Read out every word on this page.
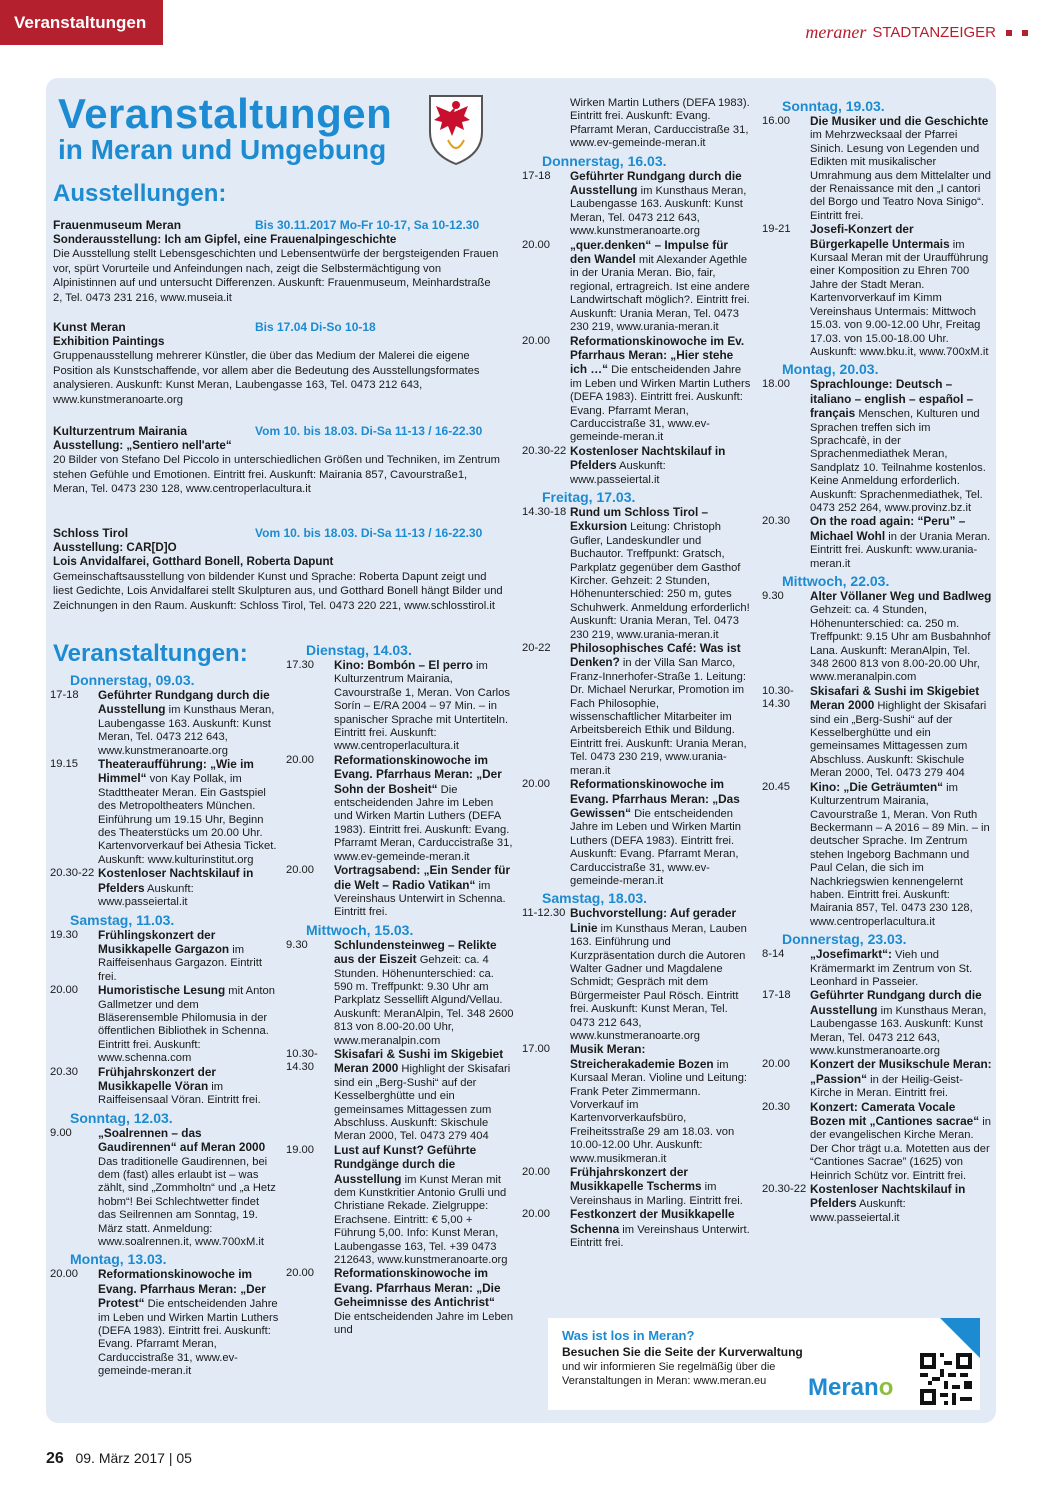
Veranstaltungen	meraner STADTANZEIGER
Veranstaltungen
in Meran und Umgebung
Ausstellungen:
Frauenmuseum Meran	Bis 30.11.2017 Mo-Fr 10-17, Sa 10-12.30
Sonderausstellung: Ich am Gipfel, eine Frauenalpingeschichte
Die Ausstellung stellt Lebensgeschichten und Lebensentwürfe der bergsteigenden Frauen vor, spürt Vorurteile und Anfeindungen nach, zeigt die Selbstermächtigung von Alpinistinnen auf und untersucht Differenzen. Auskunft: Frauenmuseum, Meinhardstraße 2, Tel. 0473 231 216, www.museia.it
Kunst Meran	Bis 17.04 Di-So 10-18
Exhibition Paintings
Gruppenausstellung mehrerer Künstler, die über das Medium der Malerei die eigene Position als Kunstschaffende, vor allem aber die Bedeutung des Ausstellungsformates analysieren. Auskunft: Kunst Meran, Laubengasse 163, Tel. 0473 212 643, www.kunstmeranoarte.org
Kulturzentrum Mairania	Vom 10. bis 18.03. Di-Sa 11-13 / 16-22.30
Ausstellung: „Sentiero nell'arte“
20 Bilder von Stefano Del Piccolo in unterschiedlichen Größen und Techniken, im Zentrum stehen Gefühle und Emotionen. Eintritt frei. Auskunft: Mairania 857, Cavourstraße1, Meran, Tel. 0473 230 128, www.centroperlacultura.it
Schloss Tirol	Vom 10. bis 18.03. Di-Sa 11-13 / 16-22.30
Ausstellung: CAR[D]O
Lois Anvidalfarei, Gotthard Bonell, Roberta Dapunt
Gemeinschaftsausstellung von bildender Kunst und Sprache: Roberta Dapunt zeigt und liest Gedichte, Lois Anvidalfarei stellt Skulpturen aus, und Gotthard Bonell hängt Bilder und Zeichnungen in den Raum. Auskunft: Schloss Tirol, Tel. 0473 220 221, www.schlosstirol.it
Veranstaltungen:
Donnerstag, 09.03.
17-18	Geführter Rundgang durch die Ausstellung im Kunsthaus Meran, Laubengasse 163. Auskunft: Kunst Meran, Tel. 0473 212 643, www.kunstmeranoarte.org
19.15	Theateraufführung: „Wie im Himmel“ von Kay Pollak, im Stadttheater Meran. Ein Gastspiel des Metropoltheaters München. Einführung um 19.15 Uhr, Beginn des Theaterstücks um 20.00 Uhr. Kartenvorverkauf bei Athesia Ticket. Auskunft: www.kulturinstitut.org
20.30-22 Kostenloser Nachtskilauf in Pfelders Auskunft: www.passeiertal.it
Samstag, 11.03.
19.30	Frühlingskonzert der Musikkapelle Gargazon im Raiffeisenhaus Gargazon. Eintritt frei.
20.00	Humoristische Lesung mit Anton Gallmetzer und dem Bläserensemble Philomusia in der öffentlichen Bibliothek in Schenna. Eintritt frei. Auskunft: www.schenna.com
20.30	Frühjahrskonzert der Musikkapelle Vöran im Raiffeisensaal Vöran. Eintritt frei.
Sonntag, 12.03.
9.00	„Soalrennen – das Gaudirennen“ auf Meran 2000 Das traditionelle Gaudirennen, bei dem (fast) alles erlaubt ist – was zählt, sind „Zommholtn“ und „a Hetz hobm“! Bei Schlechtwetter findet das Seilrennen am Sonntag, 19. März statt. Anmeldung: www.soalrennen.it, www.700xM.it
Montag, 13.03.
20.00	Reformationskinowoche im Evang. Pfarrhaus Meran: „Der Protest“ Die entscheidenden Jahre im Leben und Wirken Martin Luthers (DEFA 1983). Eintritt frei. Auskunft: Evang. Pfarramt Meran, Carduccistraße 31, www.ev-gemeinde-meran.it
Dienstag, 14.03.
17.30	Kino: Bombón – El perro im Kulturzentrum Mairania, Cavourstraße 1, Meran. Von Carlos Sorín – E/RA 2004 – 97 Min. – in spanischer Sprache mit Untertiteln. Eintritt frei. Auskunft: www.centroperlacultura.it
20.00	Reformationskinowoche im Evang. Pfarrhaus Meran: „Der Sohn der Bosheit“ Die entscheidenden Jahre im Leben und Wirken Martin Luthers (DEFA 1983). Eintritt frei. Auskunft: Evang. Pfarramt Meran, Carduccistraße 31, www.ev-gemeinde-meran.it
20.00	Vortragsabend: „Ein Sender für die Welt – Radio Vatikan“ im Vereinshaus Unterwirt in Schenna. Eintritt frei.
Mittwoch, 15.03.
9.30	Schlundensteinweg – Relikte aus der Eiszeit Gehzeit: ca. 4 Stunden. Höhenunterschied: ca. 590 m. Treffpunkt: 9.30 Uhr am Parkplatz Sessellift Algund/Vellau. Auskunft: MeranAlpin, Tel. 348 2600 813 von 8.00-20.00 Uhr, www.meranalpin.com
10.30-14.30
Skisafari & Sushi im Skigebiet Meran 2000 Highlight der Skisafari sind ein „Berg-Sushi“ auf der Kesselberghütte und ein gemeinsames Mittagessen zum Abschluss. Auskunft: Skischule Meran 2000, Tel. 0473 279 404
19.00	Lust auf Kunst? Geführte Rundgänge durch die Ausstellung im Kunst Meran mit dem Kunstkritier Antonio Grulli und Christiane Rekade. Zielgruppe: Erachsene. Eintritt: € 5,00 + Führung 5,00. Info: Kunst Meran, Laubengasse 163, Tel. +39 0473 212643, www.kunstmeranoarte.org
20.00	Reformationskinowoche im Evang. Pfarrhaus Meran: „Die Geheimnisse des Antichrist“ Die entscheidenden Jahre im Leben und
Wirken Martin Luthers (DEFA 1983). Eintritt frei. Auskunft: Evang. Pfarramt Meran, Carduccistraße 31, www.ev-gemeinde-meran.it
Donnerstag, 16.03.
17-18	Geführter Rundgang durch die Ausstellung im Kunsthaus Meran, Laubengasse 163. Auskunft: Kunst Meran, Tel. 0473 212 643, www.kunstmeranoarte.org
20.00	„quer.denken“ – Impulse für den Wandel mit Alexander Agethle in der Urania Meran. Bio, fair, regional, ertragreich. Ist eine andere Landwirtschaft möglich?. Eintritt frei. Auskunft: Urania Meran, Tel. 0473 230 219, www.urania-meran.it
20.00	Reformationskinowoche im Ev. Pfarrhaus Meran: „Hier stehe ich …“ Die entscheidenden Jahre im Leben und Wirken Martin Luthers (DEFA 1983). Eintritt frei. Auskunft: Evang. Pfarramt Meran, Carduccistraße 31, www.ev-gemeinde-meran.it
20.30-22 Kostenloser Nachtskilauf in Pfelders Auskunft: www.passeiertal.it
Freitag, 17.03.
14.30-18 Rund um Schloss Tirol – Exkursion Leitung: Christoph Gufler, Landeskundler und Buchautor. Treffpunkt: Gratsch, Parkplatz gegenüber dem Gasthof Kircher. Gehzeit: 2 Stunden, Höhenunterschied: 250 m, gutes Schuhwerk. Anmeldung erforderlich! Auskunft: Urania Meran, Tel. 0473 230 219, www.urania-meran.it
20-22	Philosophisches Café: Was ist Denken? in der Villa San Marco, Franz-Innerhofer-Straße 1. Leitung: Dr. Michael Nerurkar, Promotion im Fach Philosophie, wissenschaftlicher Mitarbeiter im Arbeitsbereich Ethik und Bildung. Eintritt frei. Auskunft: Urania Meran, Tel. 0473 230 219, www.urania-meran.it
20.00	Reformationskinowoche im Evang. Pfarrhaus Meran: „Das Gewissen“ Die entscheidenden Jahre im Leben und Wirken Martin Luthers (DEFA 1983). Eintritt frei. Auskunft: Evang. Pfarramt Meran, Carduccistraße 31, www.ev-gemeinde-meran.it
Samstag, 18.03.
11-12.30 Buchvorstellung: Auf gerader Linie im Kunsthaus Meran, Lauben 163. Einführung und Kurzpräsentation durch die Autoren Walter Gadner und Magdalene Schmidt; Gespräch mit dem Bürgermeister Paul Rösch. Eintritt frei. Auskunft: Kunst Meran, Tel. 0473 212 643, www.kunstmeranoarte.org
17.00	Musik Meran: Streicherakademie Bozen im Kursaal Meran. Violine und Leitung: Frank Peter Zimmermann. Vorverkauf im Kartenvorverkaufsbüro, Freiheitsstraße 29 am 18.03. von 10.00-12.00 Uhr. Auskunft: www.musikmeran.it
20.00	Frühjahrskonzert der Musikkapelle Tscherms im Vereinshaus in Marling. Eintritt frei.
20.00	Festkonzert der Musikkapelle Schenna im Vereinshaus Unterwirt. Eintritt frei.
Sonntag, 19.03.
16.00	Die Musiker und die Geschichte im Mehrzwecksaal der Pfarrei Sinich. Lesung von Legenden und Edikten mit musikalischer Umrahmung aus dem Mittelalter und der Renaissance mit den „I cantori del Borgo und Teatro Nova Sinigo“. Eintritt frei.
19-21	Josefi-Konzert der Bürgerkapelle Untermais im Kursaal Meran mit der Uraufführung einer Komposition zu Ehren 700 Jahre der Stadt Meran. Kartenvorverkauf im Kimm Vereinshaus Untermais: Mittwoch 15.03. von 9.00-12.00 Uhr, Freitag 17.03. von 15.00-18.00 Uhr. Auskunft: www.bku.it, www.700xM.it
Montag, 20.03.
18.00	Sprachlounge: Deutsch – italiano – english – español – français Menschen, Kulturen und Sprachen treffen sich im Sprachcafè, in der Sprachenmediathek Meran, Sandplatz 10. Teilnahme kostenlos. Keine Anmeldung erforderlich. Auskunft: Sprachenmediathek, Tel. 0473 252 264, www.provinz.bz.it
20.30	On the road again: “Peru” – Michael Wohl in der Urania Meran. Eintritt frei. Auskunft: www.urania-meran.it
Mittwoch, 22.03.
9.30	Alter Völlaner Weg und Badlweg Gehzeit: ca. 4 Stunden, Höhenunterschied: ca. 250 m. Treffpunkt: 9.15 Uhr am Busbahnhof Lana. Auskunft: MeranAlpin, Tel. 348 2600 813 von 8.00-20.00 Uhr, www.meranalpin.com
10.30-14.30
Skisafari & Sushi im Skigebiet Meran 2000 Highlight der Skisafari sind ein „Berg-Sushi“ auf der Kesselberghütte und ein gemeinsames Mittagessen zum Abschluss. Auskunft: Skischule Meran 2000, Tel. 0473 279 404
20.45	Kino: „Die Geträumten“ im Kulturzentrum Mairania, Cavourstraße 1, Meran. Von Ruth Beckermann – A 2016 – 89 Min. – in deutscher Sprache. Im Zentrum stehen Ingeborg Bachmann und Paul Celan, die sich im Nachkriegswien kennengelernt haben. Eintritt frei. Auskunft: Mairania 857, Tel. 0473 230 128, www.centroperlacultura.it
Donnerstag, 23.03.
8-14	„Josefimarkt“: Vieh und Krämermarkt im Zentrum von St. Leonhard in Passeier.
17-18	Geführter Rundgang durch die Ausstellung im Kunsthaus Meran, Laubengasse 163. Auskunft: Kunst Meran, Tel. 0473 212 643, www.kunstmeranoarte.org
20.00	Konzert der Musikschule Meran: „Passion“ in der Heilig-Geist-Kirche in Meran. Eintritt frei.
20.30	Konzert: Camerata Vocale Bozen mit „Cantiones sacrae“ in der evangelischen Kirche Meran. Der Chor trägt u.a. Motetten aus der “Cantiones Sacrae” (1625) von Heinrich Schütz vor. Eintritt frei.
20.30-22 Kostenloser Nachtskilauf in Pfelders Auskunft: www.passeiertal.it
Was ist los in Meran?
Besuchen Sie die Seite der Kurverwaltung
und wir informieren Sie regelmäßig über die Veranstaltungen in Meran: www.meran.eu	Merano
26 09. März 2017 | 05
